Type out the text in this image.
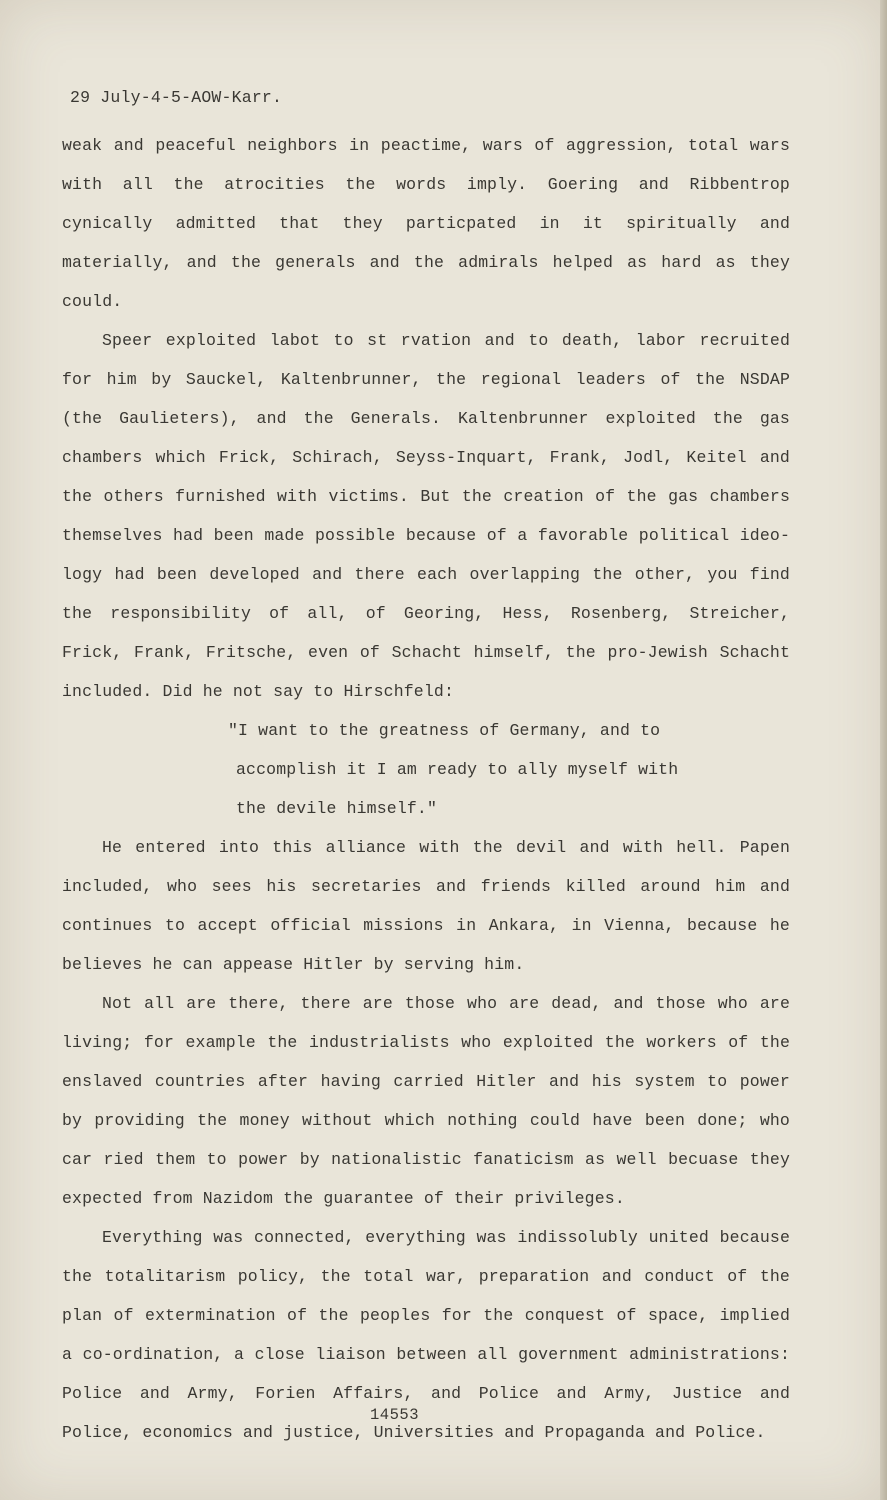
29 July-4-5-AOW-Karr.

weak and peaceful neighbors in peactime, wars of aggression, total wars with all the atrocities the words imply. Goering and Ribbentrop cynically admitted that they particpated in it spiritually and materially, and the generals and the admirals helped as hard as they could.

Speer exploited labot to st rvation and to death, labor recruited for him by Sauckel, Kaltenbrunner, the regional leaders of the NSDAP (the Gaulieters), and the Generals. Kaltenbrunner exploited the gas chambers which Frick, Schirach, Seyss-Inquart, Frank, Jodl, Keitel and the others furnished with victims. But the creation of the gas chambers themselves had been made possible because of a favorable political ideo- logy had been developed and there each overlapping the other, you find the responsibility of all, of Georing, Hess, Rosenberg, Streicher, Frick, Frank, Fritsche, even of Schacht himself, the pro-Jewish Schacht included. Did he not say to Hirschfeld:

"I want to the greatness of Germany, and to
accomplish it I am ready to ally myself with
the devile himself."

He entered into this alliance with the devil and with hell. Papen included, who sees his secretaries and friends killed around him and continues to accept official missions in Ankara, in Vienna, because he believes he can appease Hitler by serving him.

Not all are there, there are those who are dead, and those who are living; for example the industrialists who exploited the workers of the enslaved countries after having carried Hitler and his system to power by providing the money without which nothing could have been done; who car ried them to power by nationalistic fanaticism as well becuase they expected from Nazidom the guarantee of their privileges.

Everything was connected, everything was indissolubly united because the totalitarism policy, the total war, preparation and conduct of the plan of extermination of the peoples for the conquest of space, implied a co-ordination, a close liaison between all government administrations: Police and Army, Forien Affairs, and Police and Army, Justice and Police, economics and justice, Universities and Propaganda and Police.

14553
